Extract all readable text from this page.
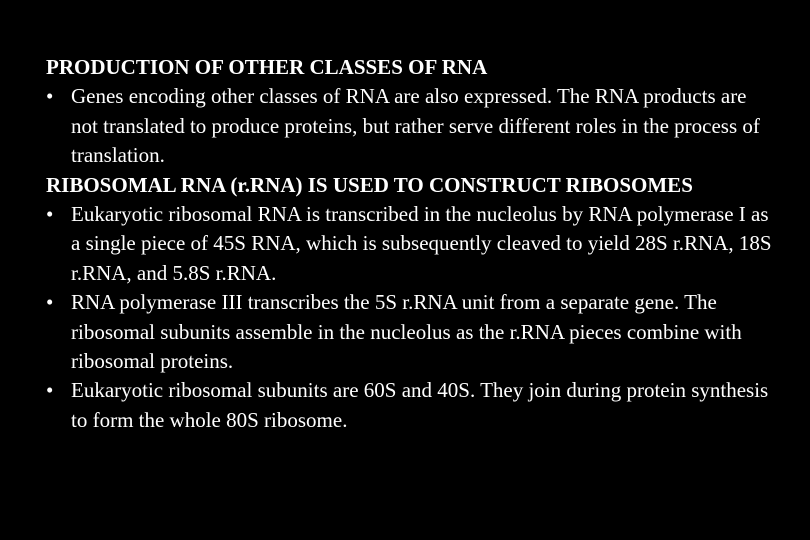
PRODUCTION OF OTHER CLASSES OF RNA

• Genes encoding other classes of RNA are also expressed. The RNA products are not translated to produce proteins, but rather serve different roles in the process of translation.

RIBOSOMAL RNA (r.RNA) IS USED TO CONSTRUCT RIBOSOMES

• Eukaryotic ribosomal RNA is transcribed in the nucleolus by RNA polymerase I as a single piece of 45S RNA, which is subsequently cleaved to yield 28S r.RNA, 18S r.RNA, and 5.8S r.RNA.

• RNA polymerase III transcribes the 5S r.RNA unit from a separate gene. The ribosomal subunits assemble in the nucleolus as the r.RNA pieces combine with ribosomal proteins.

• Eukaryotic ribosomal subunits are 60S and 40S. They join during protein synthesis to form the whole 80S ribosome.
